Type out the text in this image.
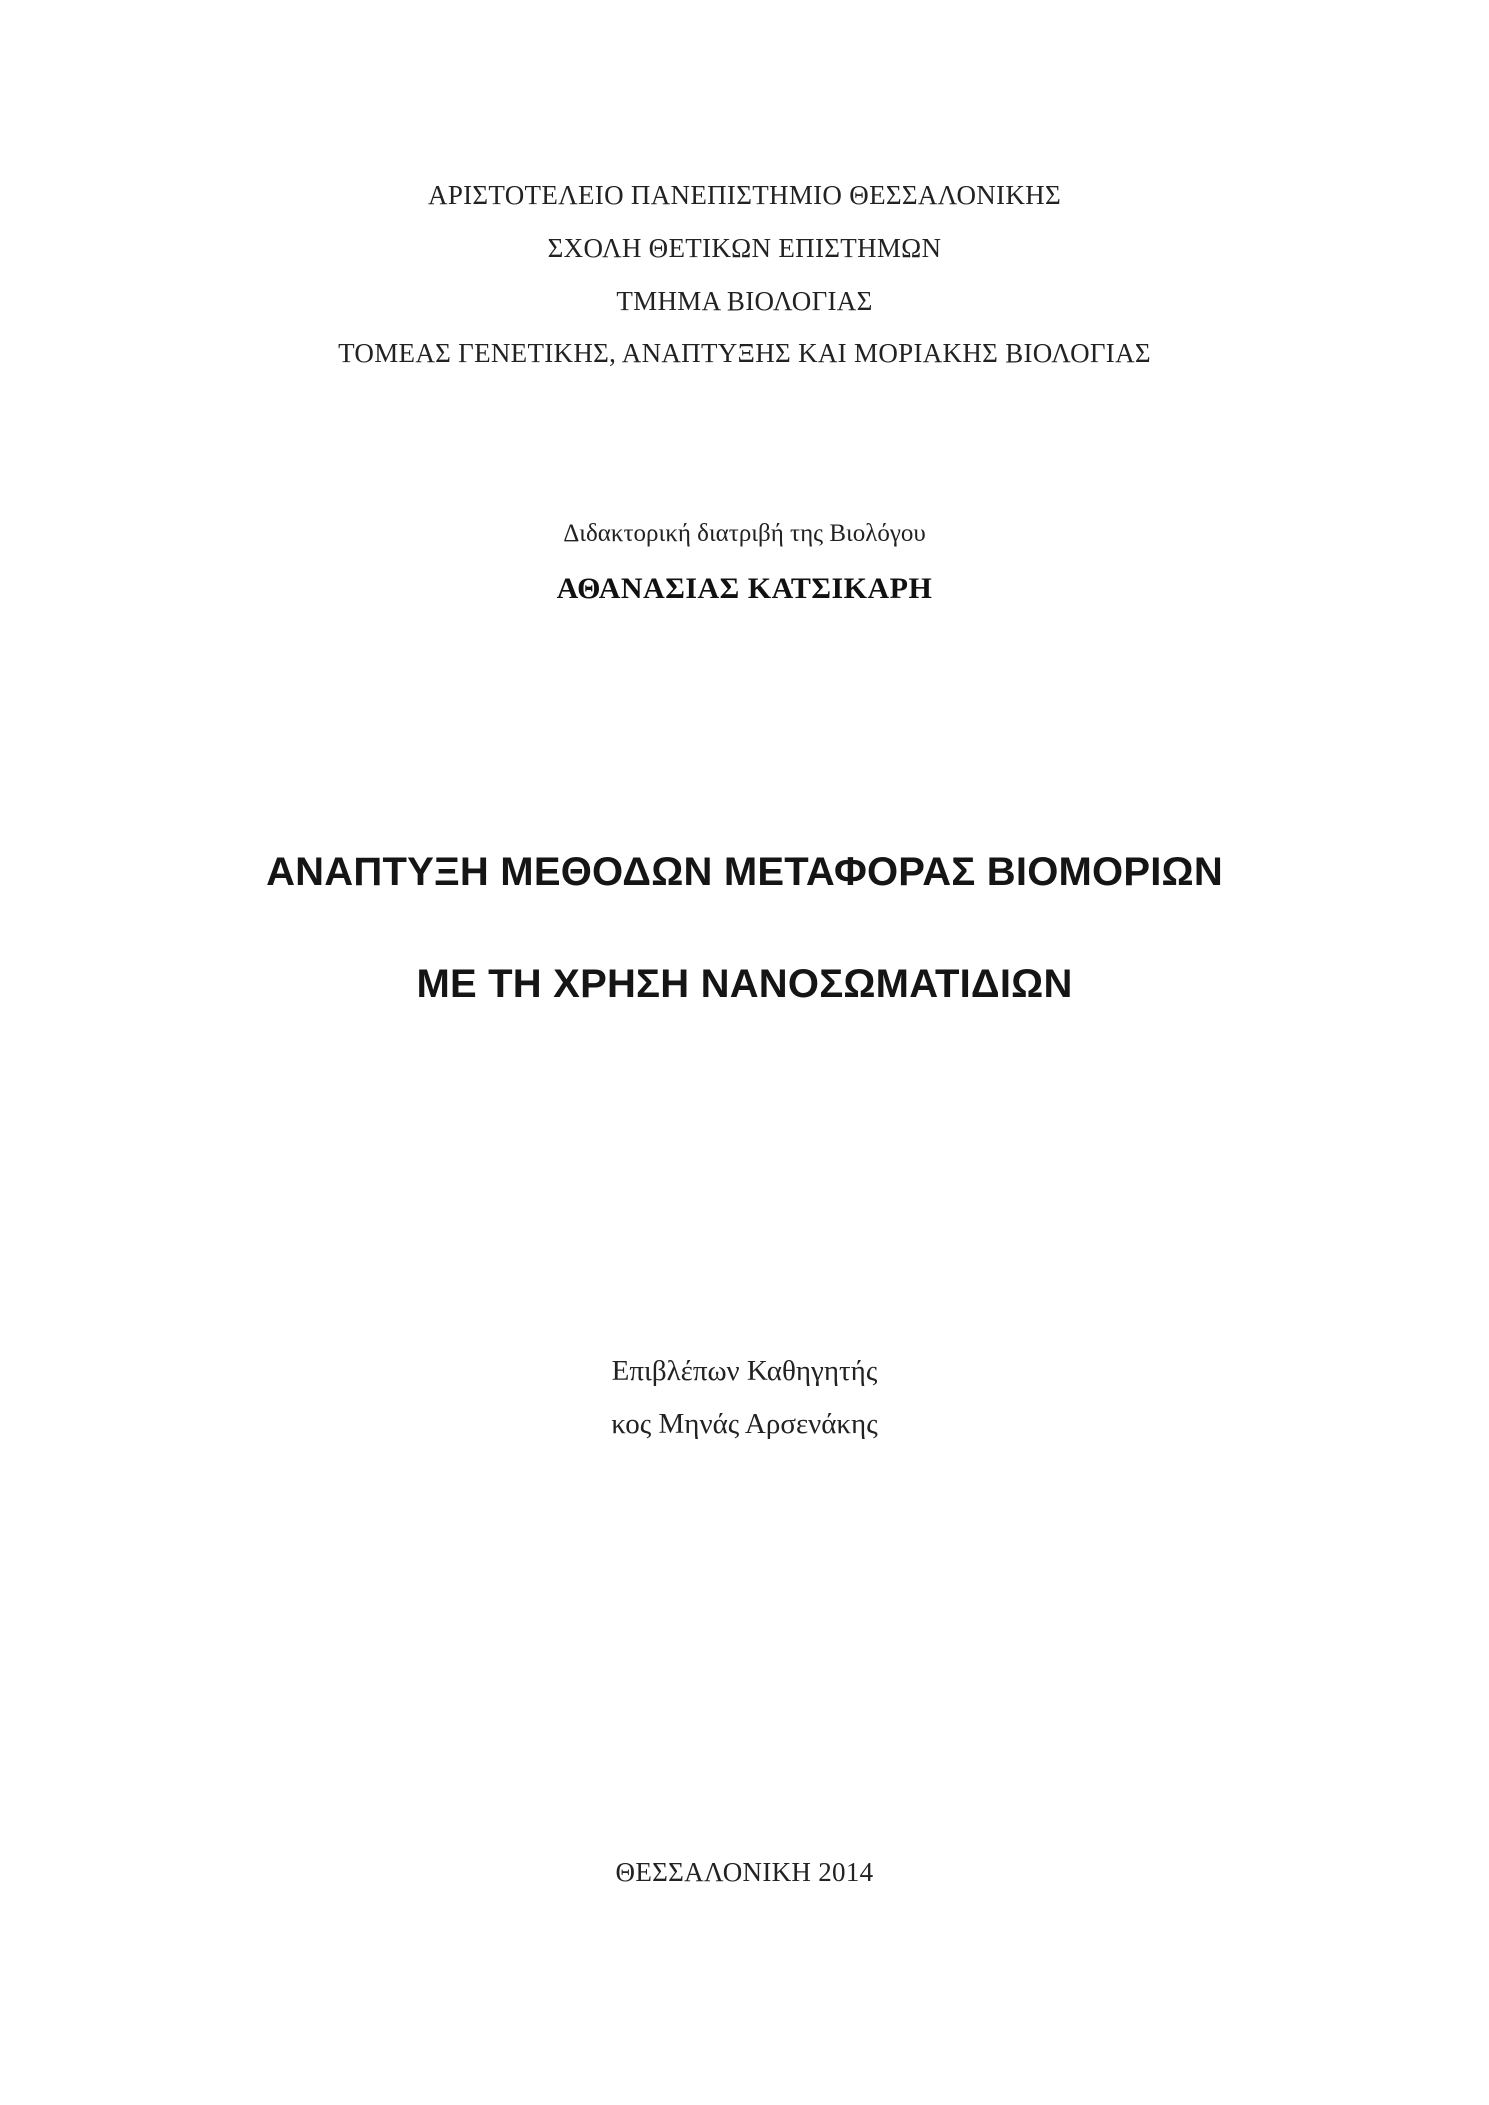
ΑΡΙΣΤΟΤΕΛΕΙΟ ΠΑΝΕΠΙΣΤΗΜΙΟ ΘΕΣΣΑΛΟΝΙΚΗΣ
ΣΧΟΛΗ ΘΕΤΙΚΩΝ ΕΠΙΣΤΗΜΩΝ
ΤΜΗΜΑ ΒΙΟΛΟΓΙΑΣ
ΤΟΜΕΑΣ ΓΕΝΕΤΙΚΗΣ, ΑΝΑΠΤΥΞΗΣ ΚΑΙ ΜΟΡΙΑΚΗΣ ΒΙΟΛΟΓΙΑΣ
Διδακτορική διατριβή της Βιολόγου
ΑΘΑΝΑΣΙΑΣ ΚΑΤΣΙΚΑΡΗ
ΑΝΑΠΤΥΞΗ ΜΕΘΟΔΩΝ ΜΕΤΑΦΟΡΑΣ ΒΙΟΜΟΡΙΩΝ
ΜΕ ΤΗ ΧΡΗΣΗ ΝΑΝΟΣΩΜΑΤΙΔΙΩΝ
Επιβλέπων Καθηγητής
κος Μηνάς Αρσενάκης
ΘΕΣΣΑΛΟΝΙΚΗ 2014
